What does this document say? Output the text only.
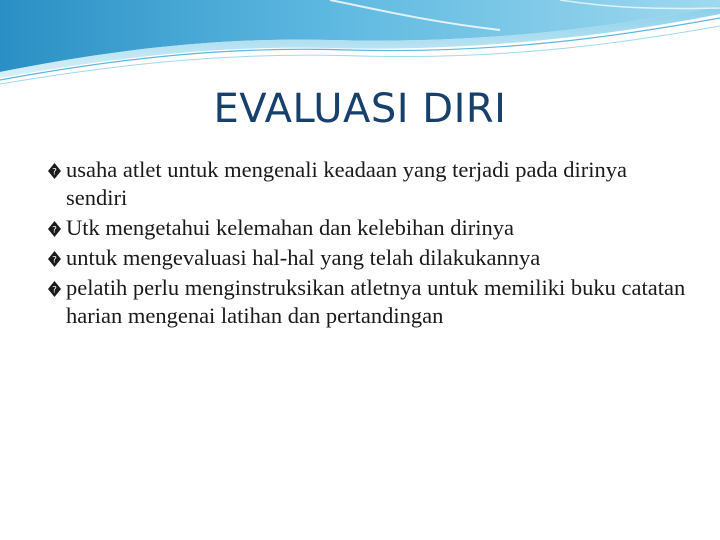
EVALUASI DIRI
? usaha atlet untuk mengenali keadaan yang terjadi pada dirinya sendiri
? Utk mengetahui kelemahan dan kelebihan dirinya
? untuk mengevaluasi hal-hal yang telah dilakukannya
? pelatih perlu menginstruksikan atletnya untuk memiliki buku catatan harian mengenai latihan dan pertandingan
